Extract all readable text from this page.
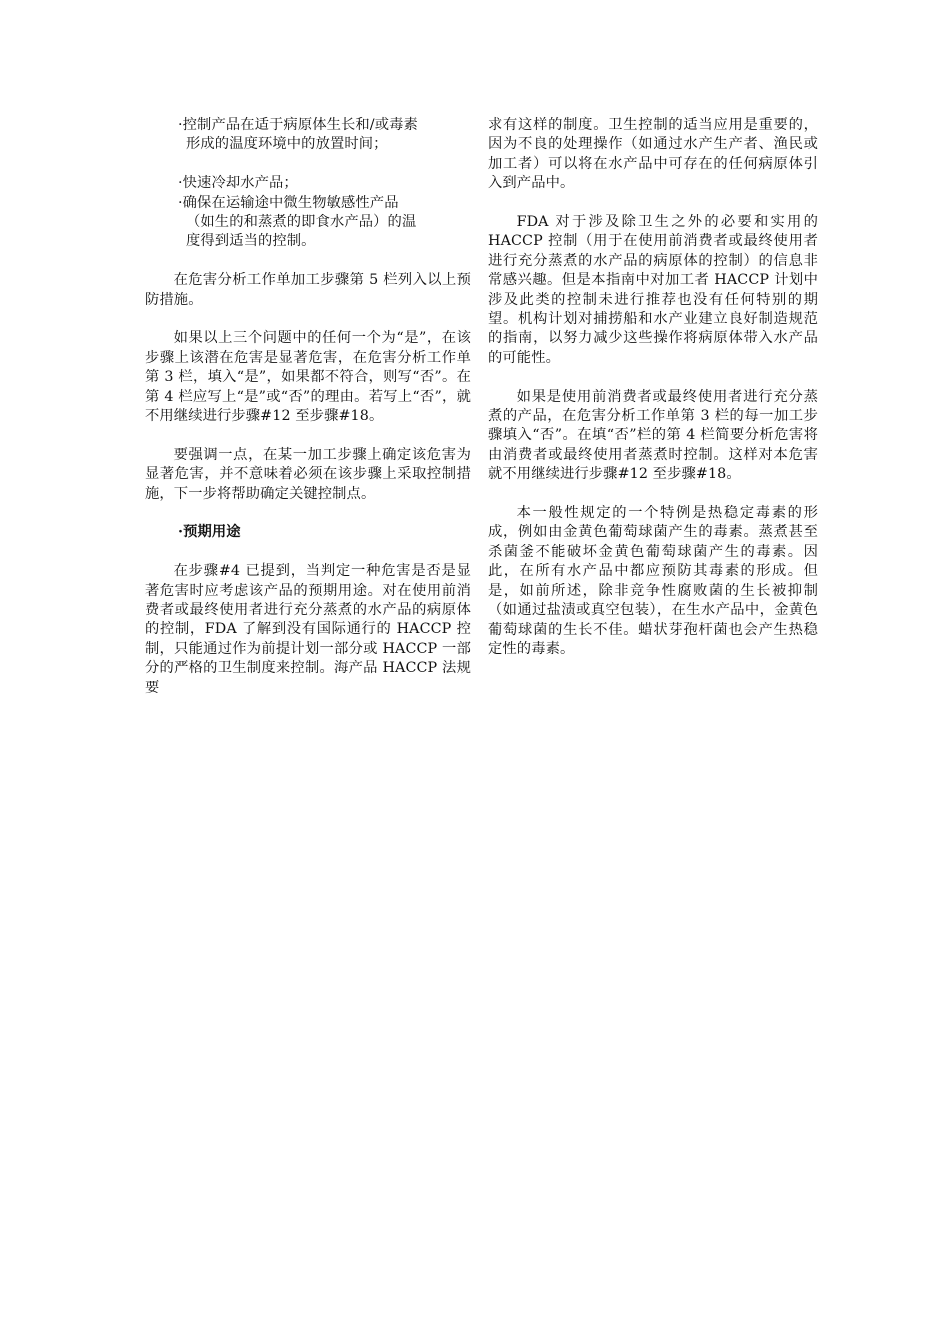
·控制产品在适于病原体生长和/或毒素
形成的温度环境中的放置时间；
·快速冷却水产品；
·确保在运输途中微生物敏感性产品
（如生的和蒸煮的即食水产品）的温
度得到适当的控制。

在危害分析工作单加工步骤第 5 栏列入以上预防措施。

如果以上三个问题中的任何一个为“是”，在该步骤上该潜在危害是显著危害，在危害分析工作单第 3 栏，填入“是”，如果都不符合，则写“否”。在第 4 栏应写上“是”或“否”的理由。若写上“否”，就不用继续进行步骤#12 至步骤#18。

要强调一点，在某一加工步骤上确定该危害为显著危害，并不意味着必须在该步骤上采取控制措施，下一步将帮助确定关键控制点。

·预期用途

在步骤#4 已提到，当判定一种危害是否是显著危害时应考虑该产品的预期用途。对在使用前消费者或最终使用者进行充分蒸煮的水产品的病原体的控制，FDA 了解到没有国际通行的 HACCP 控制，只能通过作为前提计划一部分或 HACCP 一部分的严格的卫生制度来控制。海产品 HACCP 法规要

求有这样的制度。卫生控制的适当应用是重要的，因为不良的处理操作（如通过水产生产者、渔民或加工者）可以将在水产品中可存在的任何病原体引入到产品中。

FDA 对于涉及除卫生之外的必要和实用的 HACCP 控制（用于在使用前消费者或最终使用者进行充分蒸煮的水产品的病原体的控制）的信息非常感兴趣。但是本指南中对加工者 HACCP 计划中涉及此类的控制未进行推荐也没有任何特别的期望。机构计划对捕捞船和水产业建立良好制造规范的指南，以努力减少这些操作将病原体带入水产品的可能性。

如果是使用前消费者或最终使用者进行充分蒸煮的产品，在危害分析工作单第 3 栏的每一加工步骤填入“否”。在填“否”栏的第 4 栏简要分析危害将由消费者或最终使用者蒸煮时控制。这样对本危害就不用继续进行步骤#12 至步骤#18。

本一般性规定的一个特例是热稳定毒素的形成，例如由金黄色葡萄球菌产生的毒素。蒸煮甚至杀菌釜不能破坏金黄色葡萄球菌产生的毒素。因此，在所有水产品中都应预防其毒素的形成。但是，如前所述，除非竞争性腐败菌的生长被抑制（如通过盐渍或真空包装），在生水产品中，金黄色葡萄球菌的生长不佳。蜡状芽孢杆菌也会产生热稳定性的毒素。
